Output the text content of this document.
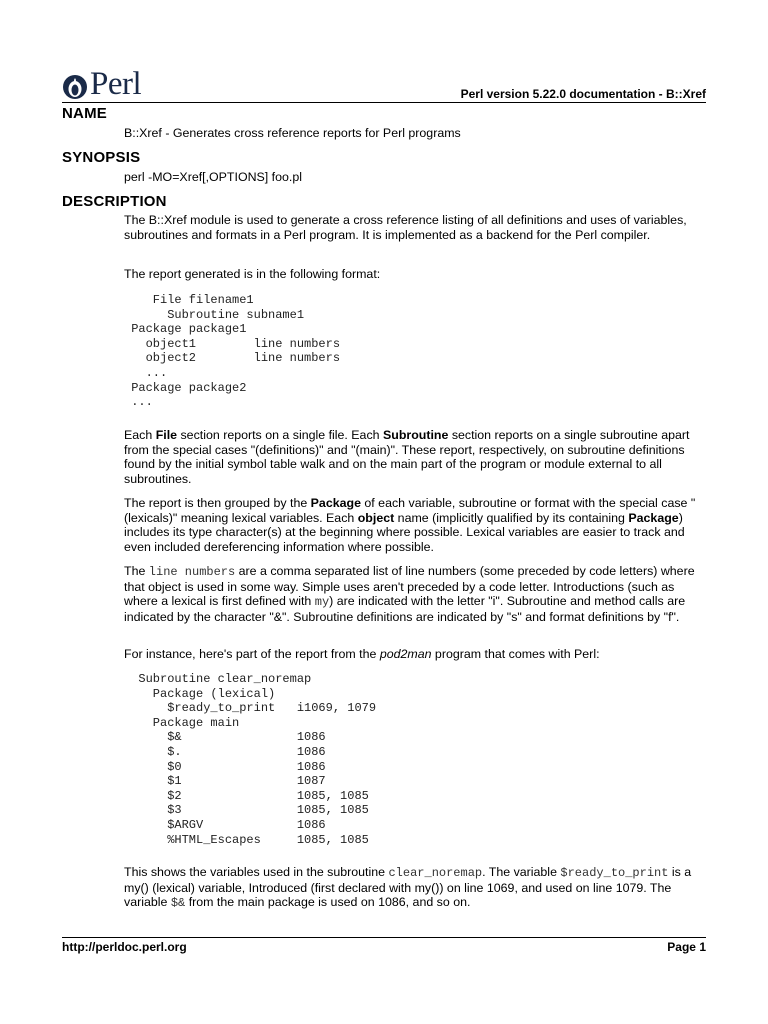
Perl	Perl version 5.22.0 documentation - B::Xref
NAME

B::Xref - Generates cross reference reports for Perl programs

SYNOPSIS

perl -MO=Xref[,OPTIONS] foo.pl

DESCRIPTION

The B::Xref module is used to generate a cross reference listing of all definitions and uses of variables, subroutines and formats in a Perl program. It is implemented as a backend for the Perl compiler.

The report generated is in the following format:

File filename1
Subroutine subname1
Package package1
object1        line numbers
object2        line numbers
...
Package package2
...

Each File section reports on a single file. Each Subroutine section reports on a single subroutine apart from the special cases "(definitions)" and "(main)". These report, respectively, on subroutine definitions found by the initial symbol table walk and on the main part of the program or module external to all subroutines.

The report is then grouped by the Package of each variable, subroutine or format with the special case "(lexicals)" meaning lexical variables. Each object name (implicitly qualified by its containing Package) includes its type character(s) at the beginning where possible. Lexical variables are easier to track and even included dereferencing information where possible.

The line numbers are a comma separated list of line numbers (some preceded by code letters) where that object is used in some way. Simple uses aren't preceded by a code letter. Introductions (such as where a lexical is first defined with my) are indicated with the letter "i". Subroutine and method calls are indicated by the character "&". Subroutine definitions are indicated by "s" and format definitions by "f".

For instance, here's part of the report from the pod2man program that comes with Perl:

Subroutine clear_noremap
Package (lexical)
$ready_to_print   i1069, 1079
Package main
$&                1086
$.                1086
$0                1086
$1                1087
$2                1085, 1085
$3                1085, 1085
$ARGV             1086
%HTML_Escapes     1085, 1085

This shows the variables used in the subroutine clear_noremap. The variable $ready_to_print is a my() (lexical) variable, Introduced (first declared with my()) on line 1069, and used on line 1079. The variable $& from the main package is used on 1086, and so on.

http://perldoc.perl.org	Page 1
